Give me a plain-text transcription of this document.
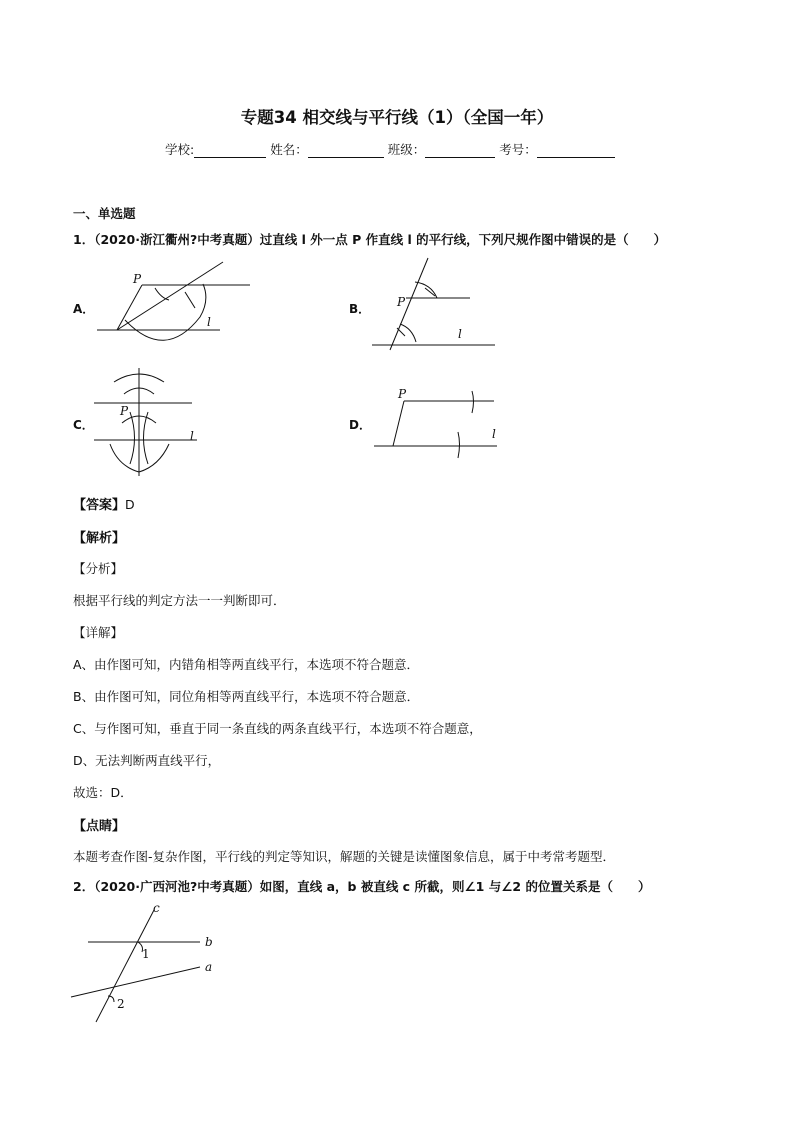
专题34 相交线与平行线（1）（全国一年）
学校:	姓名：	班级：	考号：
一、单选题
1．（2020·浙江衢州?中考真题）过直线 l 外一点 P 作直线 l 的平行线，下列尺规作图中错误的是（　　）
A．	B．
C．	D．
P
l
P
l
P
l
P
l
【答案】D
【解析】
【分析】
根据平行线的判定方法一一判断即可．
【详解】
A、由作图可知，内错角相等两直线平行，本选项不符合题意．
B、由作图可知，同位角相等两直线平行，本选项不符合题意．
C、与作图可知，垂直于同一条直线的两条直线平行，本选项不符合题意，
D、无法判断两直线平行，
故选：D．
【点睛】
本题考查作图-复杂作图，平行线的判定等知识，解题的关键是读懂图象信息，属于中考常考题型．
2．（2020·广西河池?中考真题）如图，直线 a，b 被直线 c 所截，则∠1 与∠2 的位置关系是（　　）
c
b
a
1
2
